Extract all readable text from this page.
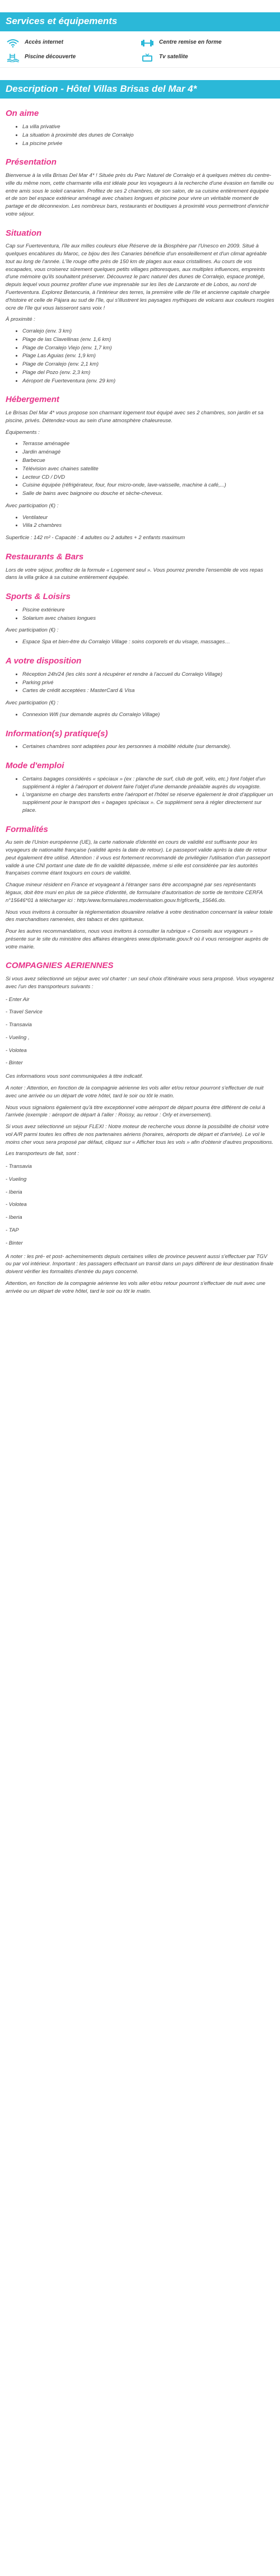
Services et équipements
Accès internet	Centre remise en forme
Piscine découverte	Tv satellite
Description - Hôtel Villas Brisas del Mar 4*
On aime
• La villa privative
• La situation à proximité des dunes de Corralejo
• La piscine privée
Présentation

Bienvenue à la villa Brisas Del Mar 4* ! Située près du Parc Naturel de Corralejo et à quelques mètres du centre-ville du même nom, cette charmante villa est idéale pour les voyageurs à la recherche d'une évasion en famille ou entre amis sous le soleil canarien. Profitez de ses 2 chambres, de son salon, de sa cuisine entièrement équipée et de son bel espace extérieur aménagé avec chaises longues et piscine pour vivre un véritable moment de partage et de déconnexion. Les nombreux bars, restaurants et boutiques à proximité vous permettront d'enrichir votre séjour.

Situation

Cap sur Fuerteventura, l'île aux milles couleurs élue Réserve de la Biosphère par l'Unesco en 2009. Situé à quelques encablures du Maroc, ce bijou des îles Canaries bénéficie d'un ensoleillement et d'un climat agréable tout au long de l'année. L'île rouge offre près de 150 km de plages aux eaux cristallines. Au cours de vos escapades, vous croiserez sûrement quelques petits villages pittoresques, aux multiples influences, empreints d'une mémoire qu'ils souhaitent préserver. Découvrez le parc naturel des dunes de Corralejo, espace protégé, depuis lequel vous pourrez profiter d'une vue imprenable sur les îles de Lanzarote et de Lobos, au nord de Fuerteventura. Explorez Betancuria, à l'intérieur des terres, la première ville de l'île et ancienne capitale chargée d'histoire et celle de Pájara au sud de l'île, qui s'illustrent les paysages mythiques de volcans aux couleurs rougies ocre de l'île qui vous laisseront sans voix !

À proximité :

• Corralejo (env. 3 km)
• Plage de las Clavellinas (env. 1,6 km)
• Plage de Corralejo Viejo (env. 1,7 km)
• Plage Las Aguias (env. 1,9 km)
• Plage de Corralejo (env. 2,1 km)
• Plage del Pozo (env. 2,3 km)
• Aéroport de Fuerteventura (env. 29 km)
Hébergement

Le Brisas Del Mar 4* vous propose son charmant logement tout équipé avec ses 2 chambres, son jardin et sa piscine, privés. Détendez-vous au sein d'une atmosphère chaleureuse.

Équipements :

• Terrasse aménagée
• Jardin aménagé
• Barbecue
• Télévision avec chaines satellite
• Lecteur CD / DVD
• Cuisine équipée (réfrigérateur, four, four micro-onde, lave-vaisselle, machine à café,...)
• Salle de bains avec baignoire ou douche et sèche-cheveux.

Avec participation (€) :

• Ventilateur
• Villa 2 chambres

Superficie : 142 m² - Capacité : 4 adultes ou 2 adultes + 2 enfants maximum

Restaurants & Bars

Lors de votre séjour, profitez de la formule « Logement seul ». Vous pourrez prendre l'ensemble de vos repas dans la villa grâce à sa cuisine entièrement équipée.

Sports & Loisirs
• Piscine extérieure
• Solarium avec chaises longues

Avec participation (€) :

• Espace Spa et bien-être du Corralejo Village : soins corporels et du visage, massages…
A votre disposition
• Réception 24h/24 (les clés sont à récupérer et rendre à l'accueil du Corralejo Village)
• Parking privé
• Cartes de crédit acceptées : MasterCard & Visa

Avec participation (€) :

• Connexion Wifi (sur demande auprès du Corralejo Village)
Information(s) pratique(s)
• Certaines chambres sont adaptées pour les personnes à mobilité réduite (sur demande).
Mode d'emploi
• Certains bagages considérés « spéciaux » (ex : planche de surf, club de golf, vélo, etc.) font l'objet d'un supplément à régler à l'aéroport et doivent faire l'objet d'une demande préalable auprès du voyagiste.
• L'organisme en charge des transferts entre l'aéroport et l'hôtel se réserve également le droit d'appliquer un supplément pour le transport des « bagages spéciaux ». Ce supplément sera à régler directement sur place.
Formalités

Au sein de l'Union européenne (UE), la carte nationale d'identité en cours de validité est suffisante pour les voyageurs de nationalité française (validité après la date de retour). Le passeport valide après la date de retour peut également être utilisé. Attention : il vous est fortement recommandé de privilégier l'utilisation d'un passeport valide à une CNI portant une date de fin de validité dépassée, même si elle est considérée par les autorités françaises comme étant toujours en cours de validité.

Chaque mineur résident en France et voyageant à l'étranger sans être accompagné par ses représentants légaux, doit être muni en plus de sa pièce d'identité, de formulaire d'autorisation de sortie de territoire CERFA n°15646*01 à télécharger ici : http:/www.formulaires.modernisation.gouv.fr/gf/cerfa_15646.do.

Nous vous invitons à consulter la réglementation douanière relative à votre destination concernant la valeur totale des marchandises ramenées, des tabacs et des spiritueux.

Pour les autres recommandations, nous vous invitons à consulter la rubrique « Conseils aux voyageurs » présente sur le site du ministère des affaires étrangères www.diplomatie.gouv.fr où il vous renseigner auprès de votre mairie.

COMPAGNIES AERIENNES

Si vous avez sélectionné un séjour avec vol charter : un seul choix d'itinéraire vous sera proposé. Vous voyagerez avec l'un des transporteurs suivants :

- Enter Air
- Travel Service
- Transavia
- Vueling ,
- Volotea
- Binter

Ces informations vous sont communiquées à titre indicatif.

A noter : Attention, en fonction de la compagnie aérienne les vols aller et/ou retour pourront s'effectuer de nuit avec une arrivée ou un départ de votre hôtel, tard le soir ou tôt le matin.

Nous vous signalons également qu'à titre exceptionnel votre aéroport de départ pourra être différent de celui à l'arrivée (exemple : aéroport de départ à l'aller : Roissy, au retour : Orly et inversement).

Si vous avez sélectionné un séjour FLEXI : Notre moteur de recherche vous donne la possibilité de choisir votre vol A/R parmi toutes les offres de nos partenaires aériens (horaires, aéroports de départ et d'arrivée). Le vol le moins cher vous sera proposé par défaut, cliquez sur « Afficher tous les vols » afin d'obtenir d'autres propositions.

Les transporteurs de fait, sont :

- Transavia
- Vueling
- Iberia
- Volotea
- Iberia
- TAP
- Binter

A noter : les pré- et post- acheminements depuis certaines villes de province peuvent aussi s'effectuer par TGV ou par vol intérieur. Important : les passagers effectuant un transit dans un pays différent de leur destination finale doivent vérifier les formalités d'entrée du pays concerné.

Attention, en fonction de la compagnie aérienne les vols aller et/ou retour pourront s'effectuer de nuit avec une arrivée ou un départ de votre hôtel, tard le soir ou tôt le matin.
